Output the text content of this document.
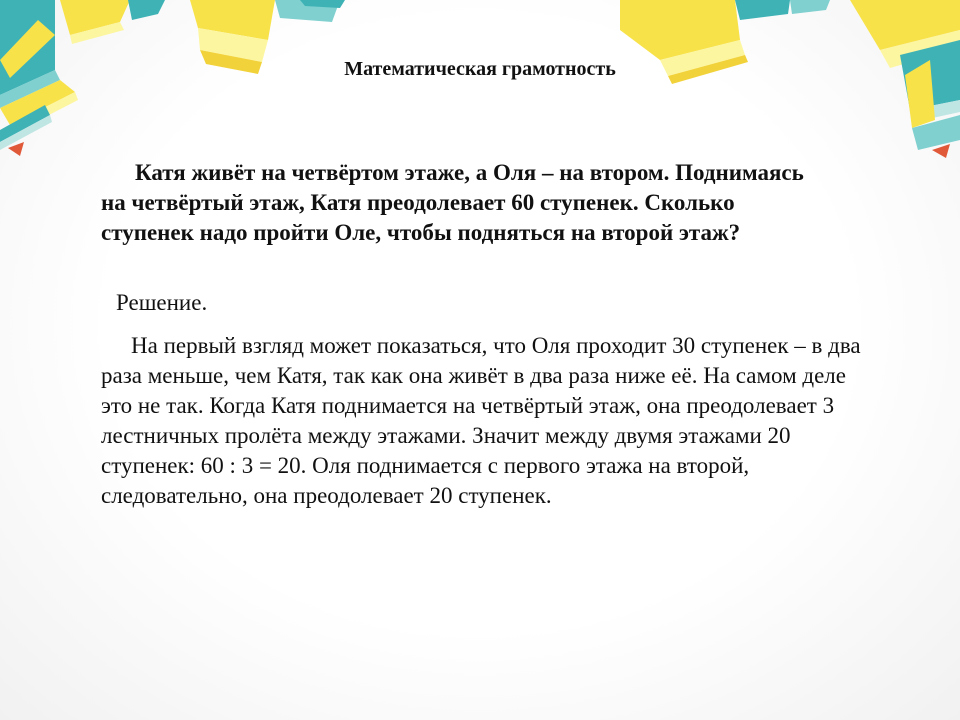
Математическая грамотность
Катя живёт на четвёртом этаже, а Оля – на втором. Поднимаясь на четвёртый этаж, Катя преодолевает 60 ступенек. Сколько ступенек надо пройти Оле, чтобы подняться на второй этаж?
Решение.
На первый взгляд может показаться, что Оля проходит 30 ступенек – в два раза меньше, чем Катя, так как она живёт в два раза ниже её. На самом деле это не так. Когда Катя поднимается на четвёртый этаж, она преодолевает 3 лестничных пролёта между этажами. Значит между двумя этажами 20 ступенек: 60 : 3 = 20. Оля поднимается с первого этажа на второй, следовательно, она преодолевает 20 ступенек.
